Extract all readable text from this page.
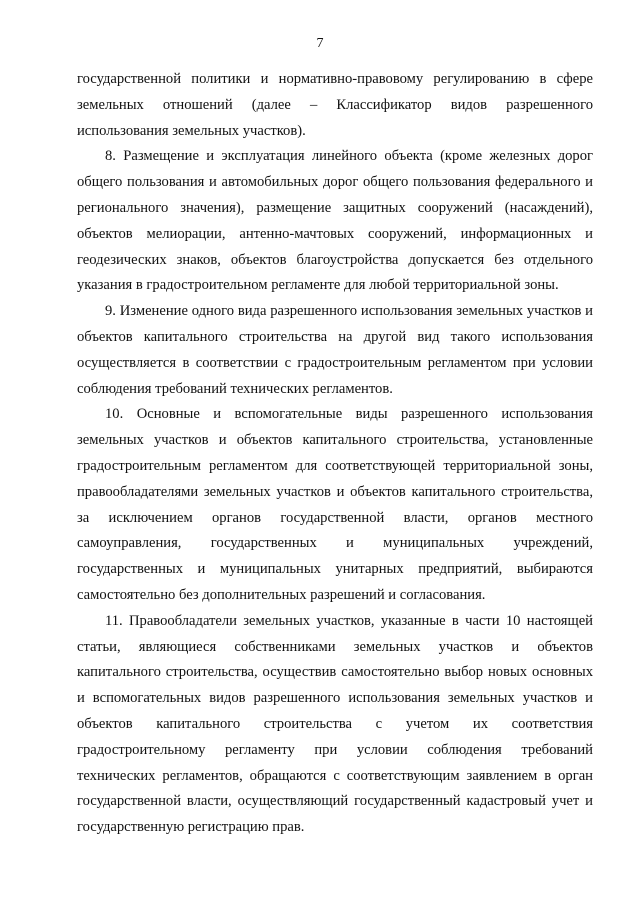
7

государственной политики и нормативно-правовому регулированию в сфере земельных отношений (далее – Классификатор видов разрешенного использования земельных участков).

8. Размещение и эксплуатация линейного объекта (кроме железных дорог общего пользования и автомобильных дорог общего пользования федерального и регионального значения), размещение защитных сооружений (насаждений), объектов мелиорации, антенно-мачтовых сооружений, информационных и геодезических знаков, объектов благоустройства допускается без отдельного указания в градостроительном регламенте для любой территориальной зоны.

9. Изменение одного вида разрешенного использования земельных участков и объектов капитального строительства на другой вид такого использования осуществляется в соответствии с градостроительным регламентом при условии соблюдения требований технических регламентов.

10. Основные и вспомогательные виды разрешенного использования земельных участков и объектов капитального строительства, установленные градостроительным регламентом для соответствующей территориальной зоны, правообладателями земельных участков и объектов капитального строительства, за исключением органов государственной власти, органов местного самоуправления, государственных и муниципальных учреждений, государственных и муниципальных унитарных предприятий, выбираются самостоятельно без дополнительных разрешений и согласования.

11. Правообладатели земельных участков, указанные в части 10 настоящей статьи, являющиеся собственниками земельных участков и объектов капитального строительства, осуществив самостоятельно выбор новых основных и вспомогательных видов разрешенного использования земельных участков и объектов капитального строительства с учетом их соответствия градостроительному регламенту при условии соблюдения требований технических регламентов, обращаются с соответствующим заявлением в орган государственной власти, осуществляющий государственный кадастровый учет и государственную регистрацию прав.
